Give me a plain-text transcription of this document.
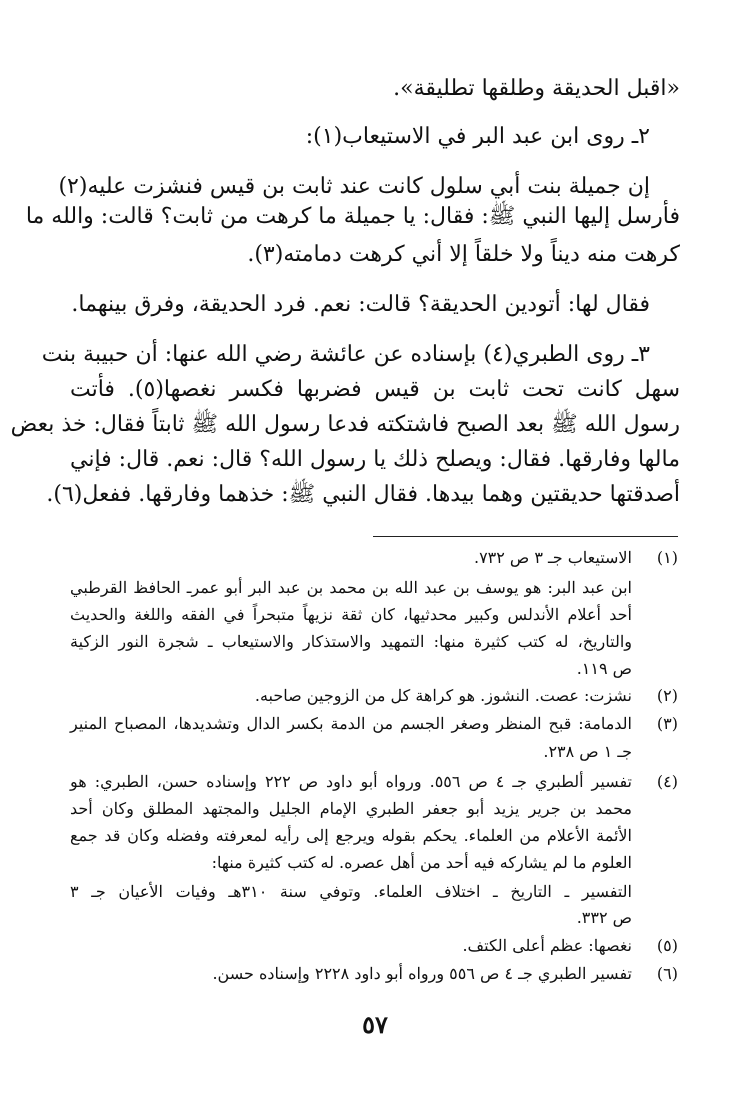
«اقبل الحديقة وطلقها تطليقة».
٢ـ روى ابن عبد البر في الاستيعاب(١):
إن جميلة بنت أبي سلول كانت عند ثابت بن قيس فنشزت عليه(٢)
فأرسل إليها النبي ﷺ: فقال: يا جميلة ما كرهت من ثابت؟ قالت: والله ما
كرهت منه ديناً ولا خلقاً إلا أني كرهت دمامته(٣).
فقال لها: أتودين الحديقة؟ قالت: نعم. فرد الحديقة، وفرق بينهما.
٣ـ روى الطبري(٤) بإسناده عن عائشة رضي الله عنها: أن حبيبة بنت
سهل كانت تحت ثابت بن قيس فضربها فكسر نغصها(٥). فأتت
رسول الله ﷺ بعد الصبح فاشتكته فدعا رسول الله ﷺ ثابتاً فقال: خذ بعض
مالها وفارقها. فقال: ويصلح ذلك يا رسول الله؟ قال: نعم. قال: فإني
أصدقتها حديقتين وهما بيدها. فقال النبي ﷺ: خذهما وفارقها. ففعل(٦).
(١)
الاستيعاب جـ ٣ ص ٧٣٢.
ابن عبد البر: هو يوسف بن عبد الله بن محمد بن عبد البر أبو عمرـ الحافظ القرطبي
أحد أعلام الأندلس وكبير محدثيها، كان ثقة نزيهاً متبحراً في الفقه واللغة والحديث
والتاريخ، له كتب كثيرة منها: التمهيد والاستذكار والاستيعاب ـ شجرة النور الزكية
ص ١١٩.
(٢)
نشزت: عصت. النشوز. هو كراهة كل من الزوجين صاحبه.
(٣)
الدمامة: قبح المنظر وصغر الجسم من الدمة بكسر الدال وتشديدها، المصباح المنير
جـ ١ ص ٢٣٨.
(٤)
تفسير ألطبري جـ ٤ ص ٥٥٦. ورواه أبو داود ص ٢٢٢ وإسناده حسن، الطبري: هو
محمد بن جرير يزيد أبو جعفر الطبري الإمام الجليل والمجتهد المطلق وكان أحد
الأئمة الأعلام من العلماء. يحكم بقوله ويرجع إلى رأيه لمعرفته وفضله وكان قد جمع
العلوم ما لم يشاركه فيه أحد من أهل عصره. له كتب كثيرة منها:
التفسير ـ التاريخ ـ اختلاف العلماء. وتوفي سنة ٣١٠هـ وفيات الأعيان جـ ٣
ص ٣٣٢.
(٥)
نغصها: عظم أعلى الكتف.
(٦)
تفسير الطبري جـ ٤ ص ٥٥٦ ورواه أبو داود ٢٢٢٨ وإسناده حسن.
٥٧
